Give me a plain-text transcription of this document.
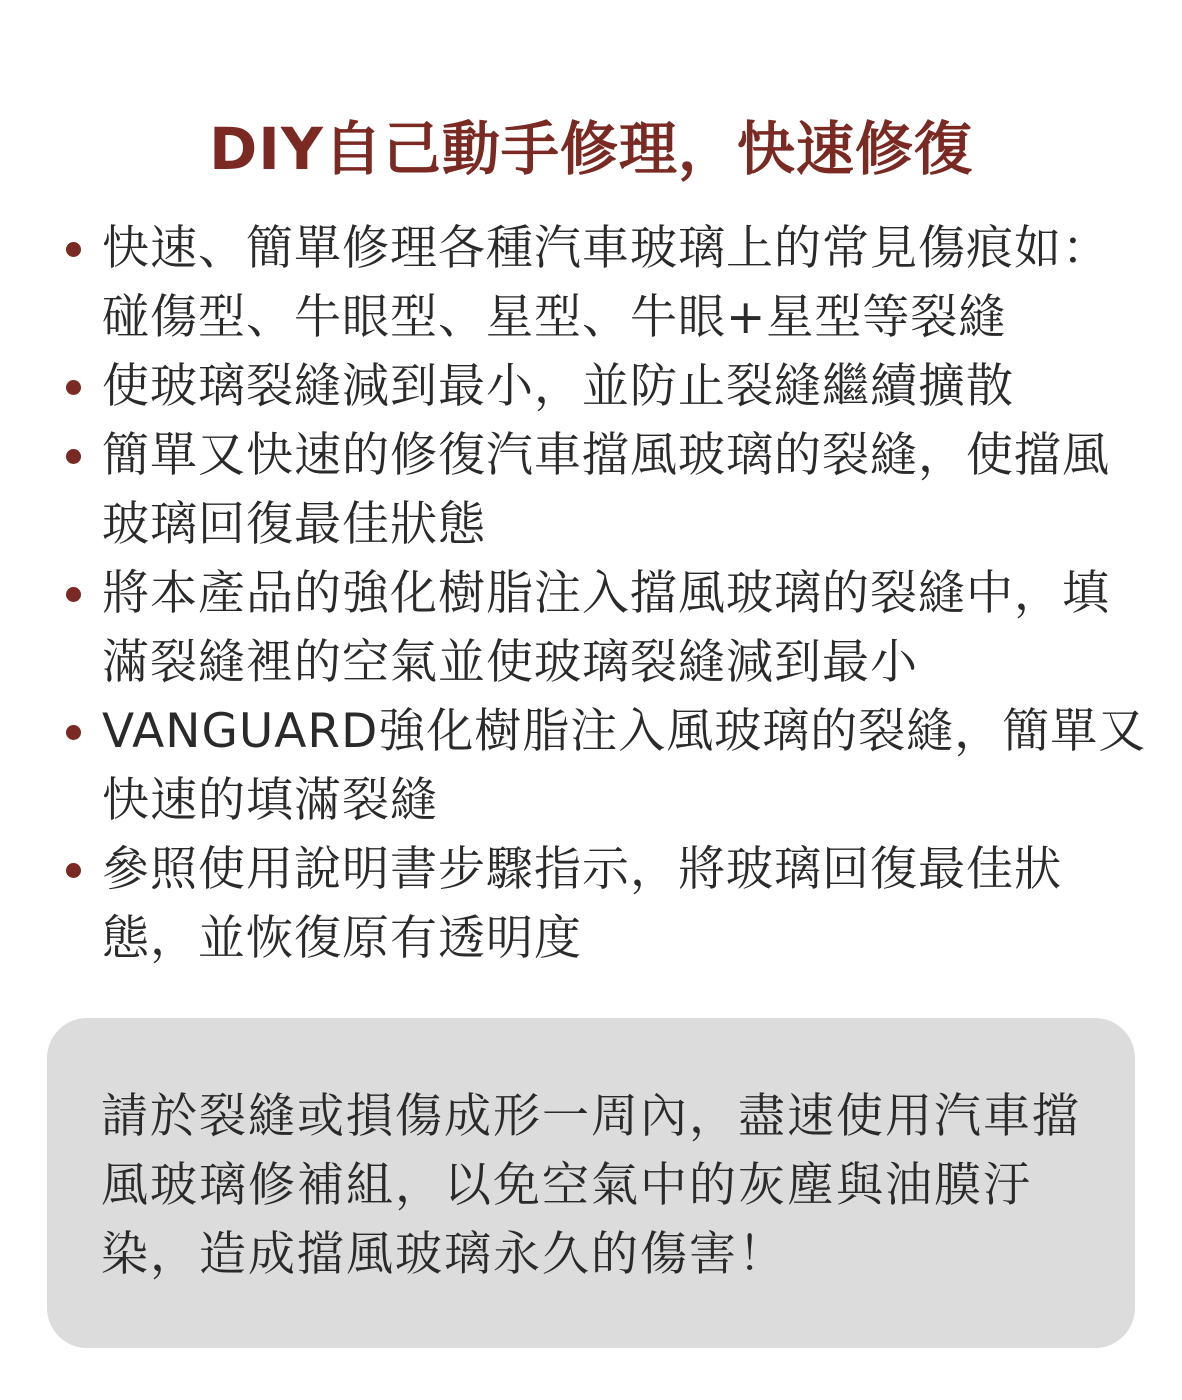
DIY自己動手修理，快速修復
快速、簡單修理各種汽車玻璃上的常見傷痕如：碰傷型、牛眼型、星型、牛眼+星型等裂縫
使玻璃裂縫減到最小，並防止裂縫繼續擴散
簡單又快速的修復汽車擋風玻璃的裂縫，使擋風玻璃回復最佳狀態
將本產品的強化樹脂注入擋風玻璃的裂縫中，填滿裂縫裡的空氣並使玻璃裂縫減到最小
VANGUARD強化樹脂注入風玻璃的裂縫，簡單又快速的填滿裂縫
參照使用說明書步驟指示，將玻璃回復最佳狀態，並恢復原有透明度
請於裂縫或損傷成形一周內，盡速使用汽車擋風玻璃修補組，以免空氣中的灰塵與油膜汙染，造成擋風玻璃永久的傷害！
